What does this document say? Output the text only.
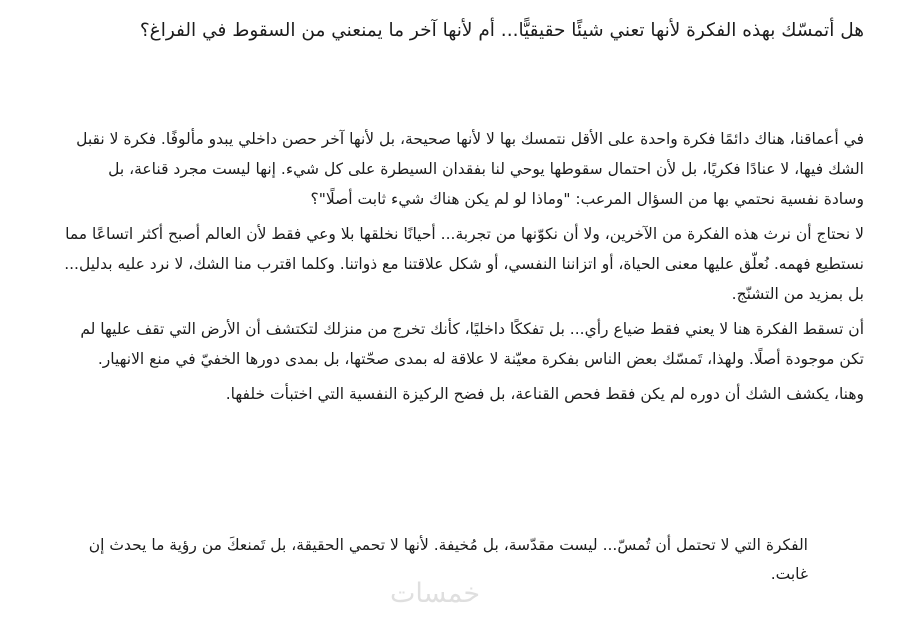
هل أتمسّك بهذه الفكرة لأنها تعني شيئًا حقيقيًّا... أم لأنها آخر ما يمنعني من السقوط في الفراغ؟

في أعماقنا، هناك دائمًا فكرة واحدة على الأقل نتمسك بها لا لأنها صحيحة، بل لأنها آخر حصن داخلي يبدو مألوفًا. فكرة لا نقبل الشك فيها، لا عنادًا فكريًا، بل لأن احتمال سقوطها يوحي لنا بفقدان السيطرة على كل شيء. إنها ليست مجرد قناعة، بل وسادة نفسية نحتمي بها من السؤال المرعب: "وماذا لو لم يكن هناك شيء ثابت أصلًا"؟

لا نحتاج أن نرث هذه الفكرة من الآخرين، ولا أن نكوّنها من تجربة... أحيانًا نخلقها بلا وعي فقط لأن العالم أصبح أكثر اتساعًا مما نستطيع فهمه. نُعلّق عليها معنى الحياة، أو اتزاننا النفسي، أو شكل علاقتنا مع ذواتنا. وكلما اقترب منا الشك، لا نرد عليه بدليل... بل بمزيد من التشنّج.

أن تسقط الفكرة هنا لا يعني فقط ضياع رأي... بل تفككًا داخليًا، كأنك تخرج من منزلك لتكتشف أن الأرض التي تقف عليها لم تكن موجودة أصلًا. ولهذا، تَمسّك بعض الناس بفكرة معيّنة لا علاقة له بمدى صحّتها، بل بمدى دورها الخفيّ في منع الانهيار.

وهنا، يكشف الشك أن دوره لم يكن فقط فحص القناعة، بل فضح الركيزة النفسية التي اختبأت خلفها.

الفكرة التي لا تحتمل أن تُمسّ... ليست مقدّسة، بل مُخيفة. لأنها لا تحمي الحقيقة، بل تَمنعكَ من رؤية ما يحدث إن غابت.

خمسات
